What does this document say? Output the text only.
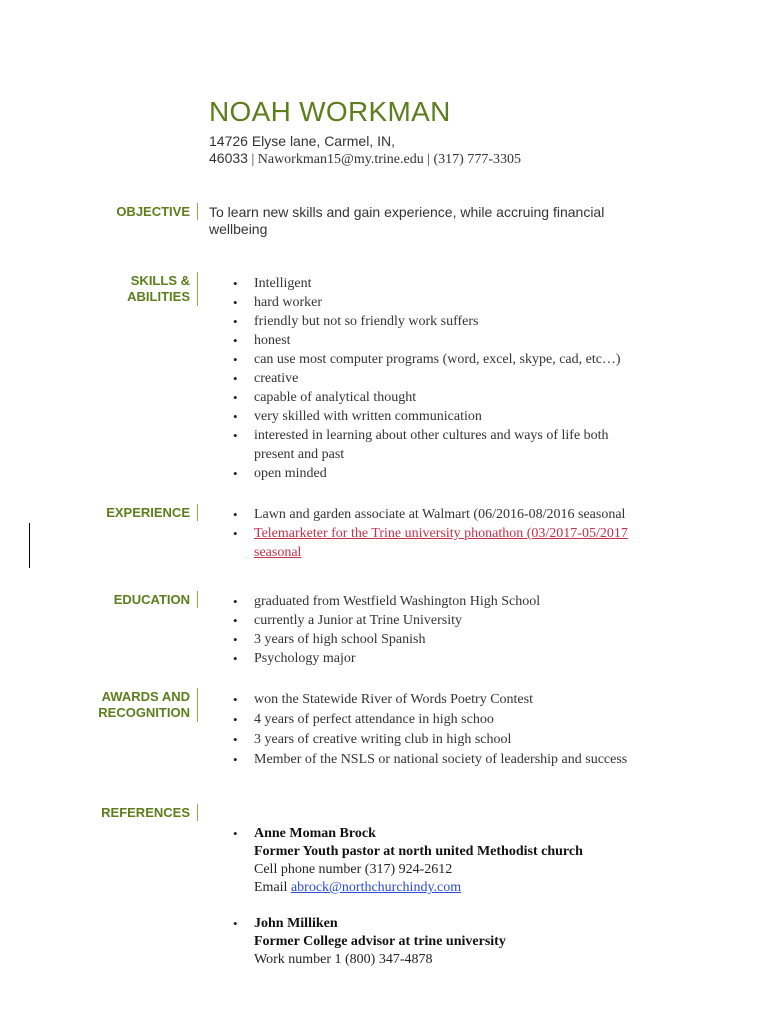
NOAH WORKMAN
14726 Elyse lane, Carmel, IN,
46033 | Naworkman15@my.trine.edu | (317) 777-3305
OBJECTIVE To learn new skills and gain experience, while accruing financial wellbeing
SKILLS &
ABILITIES
• Intelligent
• hard worker
• friendly but not so friendly work suffers
• honest
• can use most computer programs (word, excel, skype, cad, etc…)
• creative
• capable of analytical thought
• very skilled with written communication
• interested in learning about other cultures and ways of life both present and past
• open minded
EXPERIENCE	• Lawn and garden associate at Walmart (06/2016-08/2016 seasonal
• Telemarketer for the Trine university phonathon (03/2017-05/2017 seasonal
EDUCATION	• graduated from Westfield Washington High School
• currently a Junior at Trine University
• 3 years of high school Spanish
• Psychology major
AWARDS AND
RECOGNITION
• won the Statewide River of Words Poetry Contest
• 4 years of perfect attendance in high schoo
• 3 years of creative writing club in high school
• Member of the NSLS or national society of leadership and success
REFERENCES
• Anne Moman Brock
Former Youth pastor at north united Methodist church
Cell phone number (317) 924-2612
Email abrock@northchurchindy.com
• John Milliken
Former College advisor at trine university
Work number 1 (800) 347-4878
